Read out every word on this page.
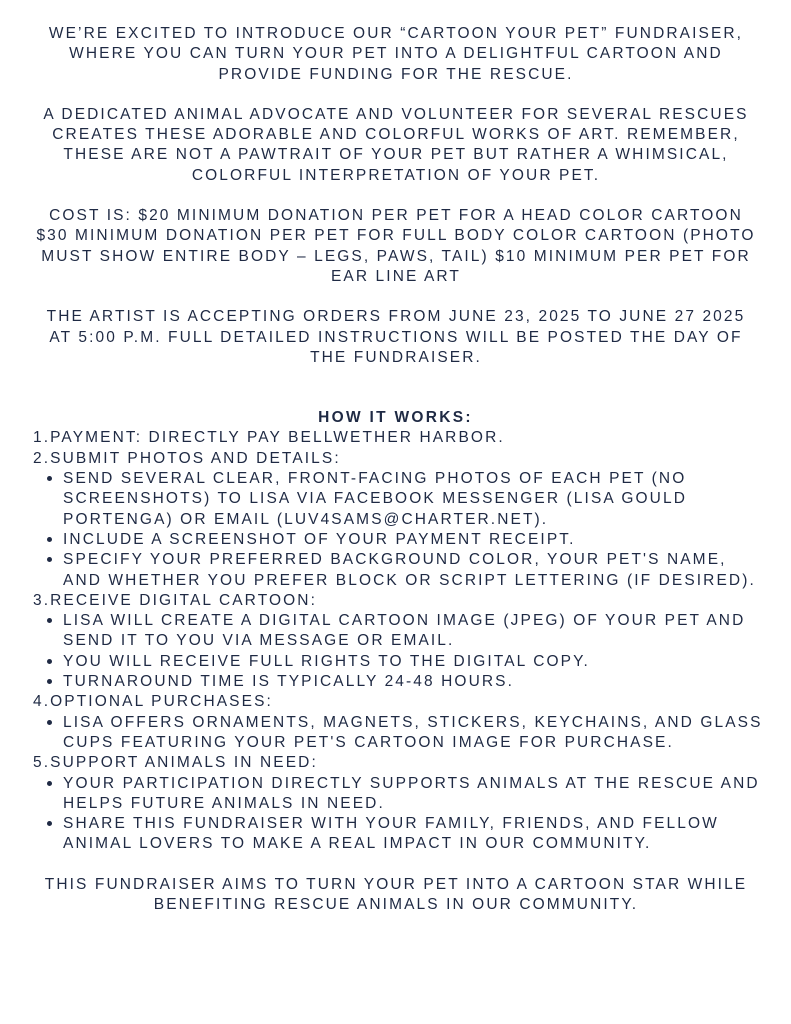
WE’RE EXCITED TO INTRODUCE OUR “CARTOON YOUR PET” FUNDRAISER, WHERE YOU CAN TURN YOUR PET INTO A DELIGHTFUL CARTOON AND PROVIDE FUNDING FOR THE RESCUE.

A DEDICATED ANIMAL ADVOCATE AND VOLUNTEER FOR SEVERAL RESCUES CREATES THESE ADORABLE AND COLORFUL WORKS OF ART. REMEMBER, THESE ARE NOT A PAWTRAIT OF YOUR PET BUT RATHER A WHIMSICAL, COLORFUL INTERPRETATION OF YOUR PET.

COST IS: $20 MINIMUM DONATION PER PET FOR A HEAD COLOR CARTOON $30 MINIMUM DONATION PER PET FOR FULL BODY COLOR CARTOON (PHOTO MUST SHOW ENTIRE BODY – LEGS, PAWS, TAIL) $10 MINIMUM PER PET FOR EAR LINE ART

THE ARTIST IS ACCEPTING ORDERS FROM JUNE 23, 2025 TO JUNE 27 2025 AT 5:00 P.M. FULL DETAILED INSTRUCTIONS WILL BE POSTED THE DAY OF THE FUNDRAISER.

HOW IT WORKS:
1.PAYMENT: DIRECTLY PAY BELLWETHER HARBOR.
2.SUBMIT PHOTOS AND DETAILS:
SEND SEVERAL CLEAR, FRONT-FACING PHOTOS OF EACH PET (NO SCREENSHOTS) TO LISA VIA FACEBOOK MESSENGER (LISA GOULD PORTENGA) OR EMAIL (LUV4SAMS@CHARTER.NET).
INCLUDE A SCREENSHOT OF YOUR PAYMENT RECEIPT.
SPECIFY YOUR PREFERRED BACKGROUND COLOR, YOUR PET'S NAME, AND WHETHER YOU PREFER BLOCK OR SCRIPT LETTERING (IF DESIRED).
3.RECEIVE DIGITAL CARTOON:
LISA WILL CREATE A DIGITAL CARTOON IMAGE (JPEG) OF YOUR PET AND SEND IT TO YOU VIA MESSAGE OR EMAIL.
YOU WILL RECEIVE FULL RIGHTS TO THE DIGITAL COPY.
TURNAROUND TIME IS TYPICALLY 24-48 HOURS.
4.OPTIONAL PURCHASES:
LISA OFFERS ORNAMENTS, MAGNETS, STICKERS, KEYCHAINS, AND GLASS CUPS FEATURING YOUR PET'S CARTOON IMAGE FOR PURCHASE.
5.SUPPORT ANIMALS IN NEED:
YOUR PARTICIPATION DIRECTLY SUPPORTS ANIMALS AT THE RESCUE AND HELPS FUTURE ANIMALS IN NEED.
SHARE THIS FUNDRAISER WITH YOUR FAMILY, FRIENDS, AND FELLOW ANIMAL LOVERS TO MAKE A REAL IMPACT IN OUR COMMUNITY.

THIS FUNDRAISER AIMS TO TURN YOUR PET INTO A CARTOON STAR WHILE BENEFITING RESCUE ANIMALS IN OUR COMMUNITY.
